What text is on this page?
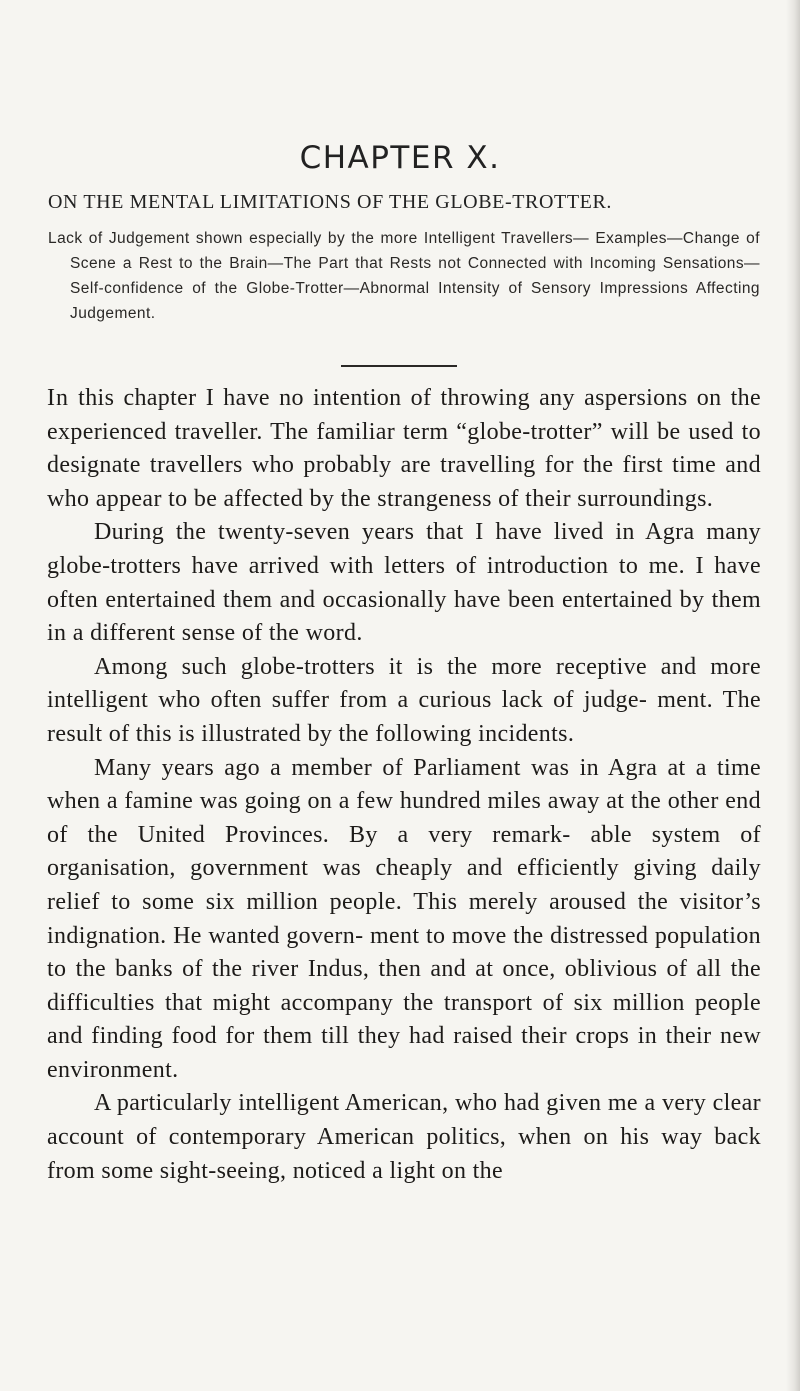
CHAPTER X.
ON THE MENTAL LIMITATIONS OF THE GLOBE-TROTTER.
Lack of Judgement shown especially by the more Intelligent Travellers— Examples—Change of Scene a Rest to the Brain—The Part that Rests not Connected with Incoming Sensations—Self-confidence of the Globe-Trotter—Abnormal Intensity of Sensory Impressions Affecting Judgement.

In this chapter I have no intention of throwing any aspersions on the experienced traveller. The familiar term “globe-trotter” will be used to designate travellers who probably are travelling for the first time and who appear to be affected by the strangeness of their surroundings.

During the twenty-seven years that I have lived in Agra many globe-trotters have arrived with letters of introduction to me. I have often entertained them and occasionally have been entertained by them in a different sense of the word.

Among such globe-trotters it is the more receptive and more intelligent who often suffer from a curious lack of judge- ment. The result of this is illustrated by the following incidents.

Many years ago a member of Parliament was in Agra at a time when a famine was going on a few hundred miles away at the other end of the United Provinces. By a very remark- able system of organisation, government was cheaply and efficiently giving daily relief to some six million people. This merely aroused the visitor’s indignation. He wanted govern- ment to move the distressed population to the banks of the river Indus, then and at once, oblivious of all the difficulties that might accompany the transport of six million people and finding food for them till they had raised their crops in their new environment.

A particularly intelligent American, who had given me a very clear account of contemporary American politics, when on his way back from some sight-seeing, noticed a light on the
